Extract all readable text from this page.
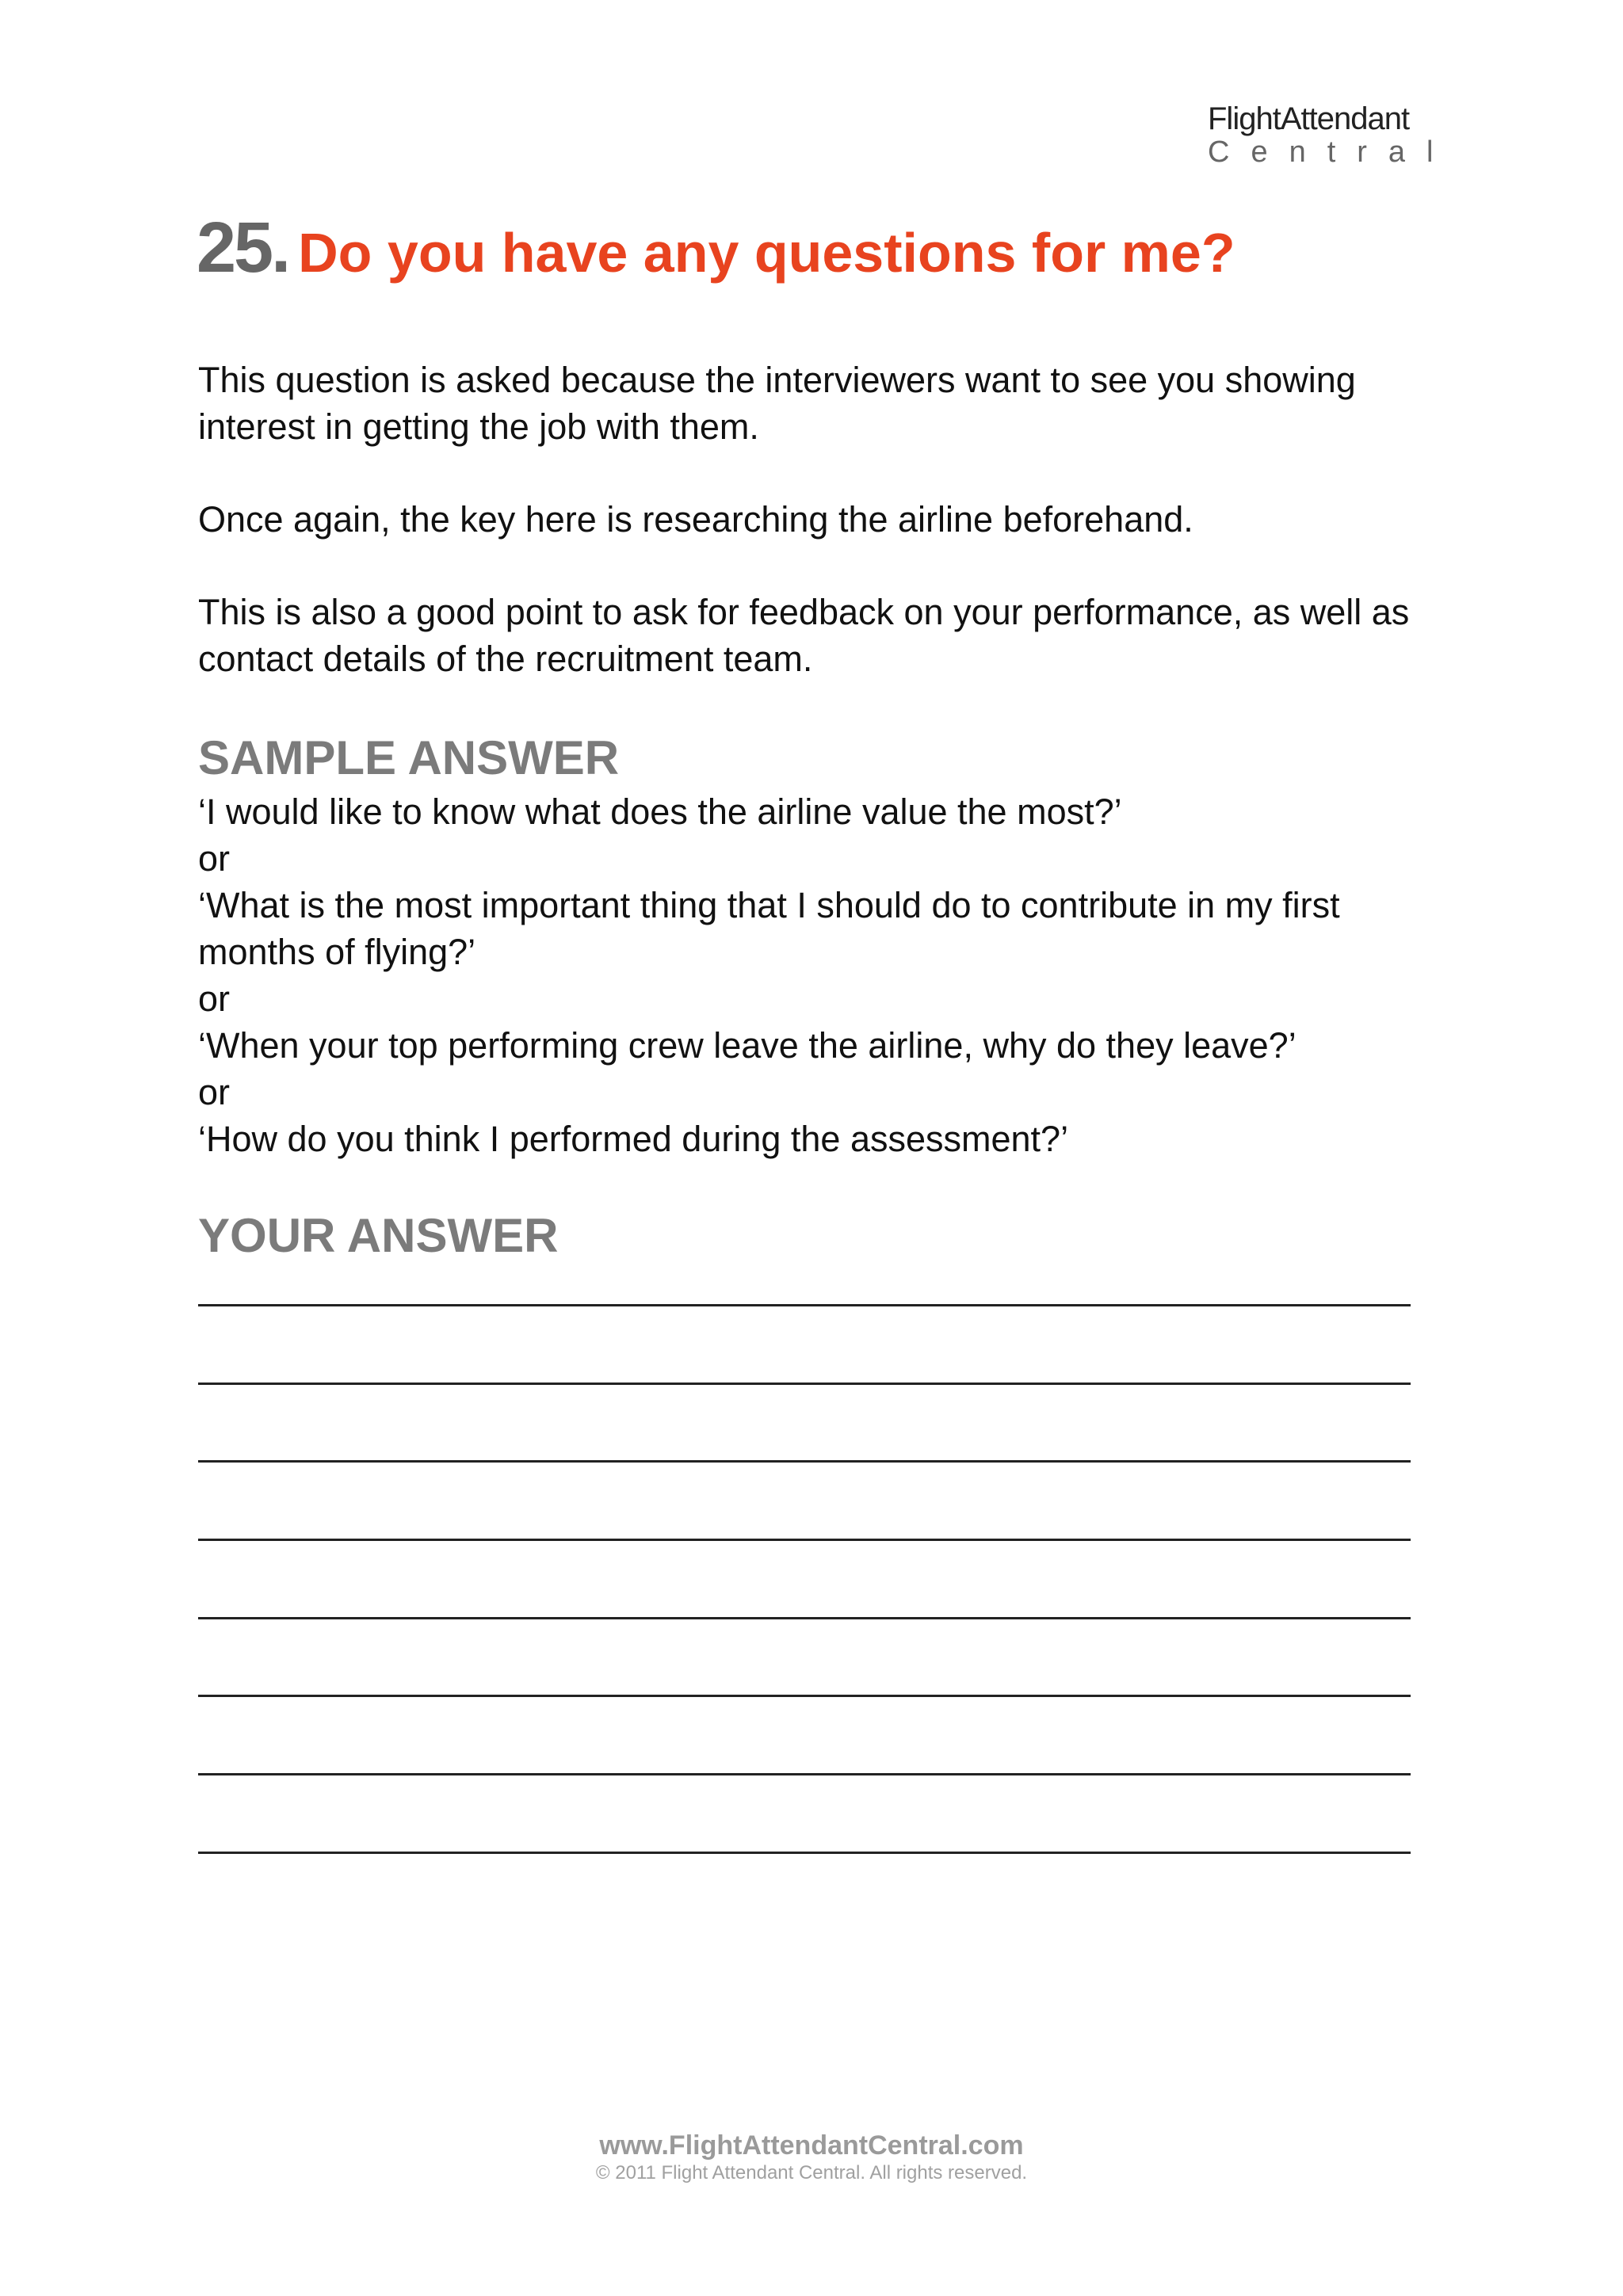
FlightAttendant
Central
25. Do you have any questions for me?

This question is asked because the interviewers want to see you showing interest in getting the job with them.

Once again, the key here is researching the airline beforehand.

This is also a good point to ask for feedback on your performance, as well as contact details of the recruitment team.

SAMPLE ANSWER
‘I would like to know what does the airline value the most?’
or
‘What is the most important thing that I should do to contribute in my first months of flying?’
or
‘When your top performing crew leave the airline, why do they leave?’
or
‘How do you think I performed during the assessment?’
YOUR ANSWER
www.FlightAttendantCentral.com
© 2011 Flight Attendant Central. All rights reserved.
